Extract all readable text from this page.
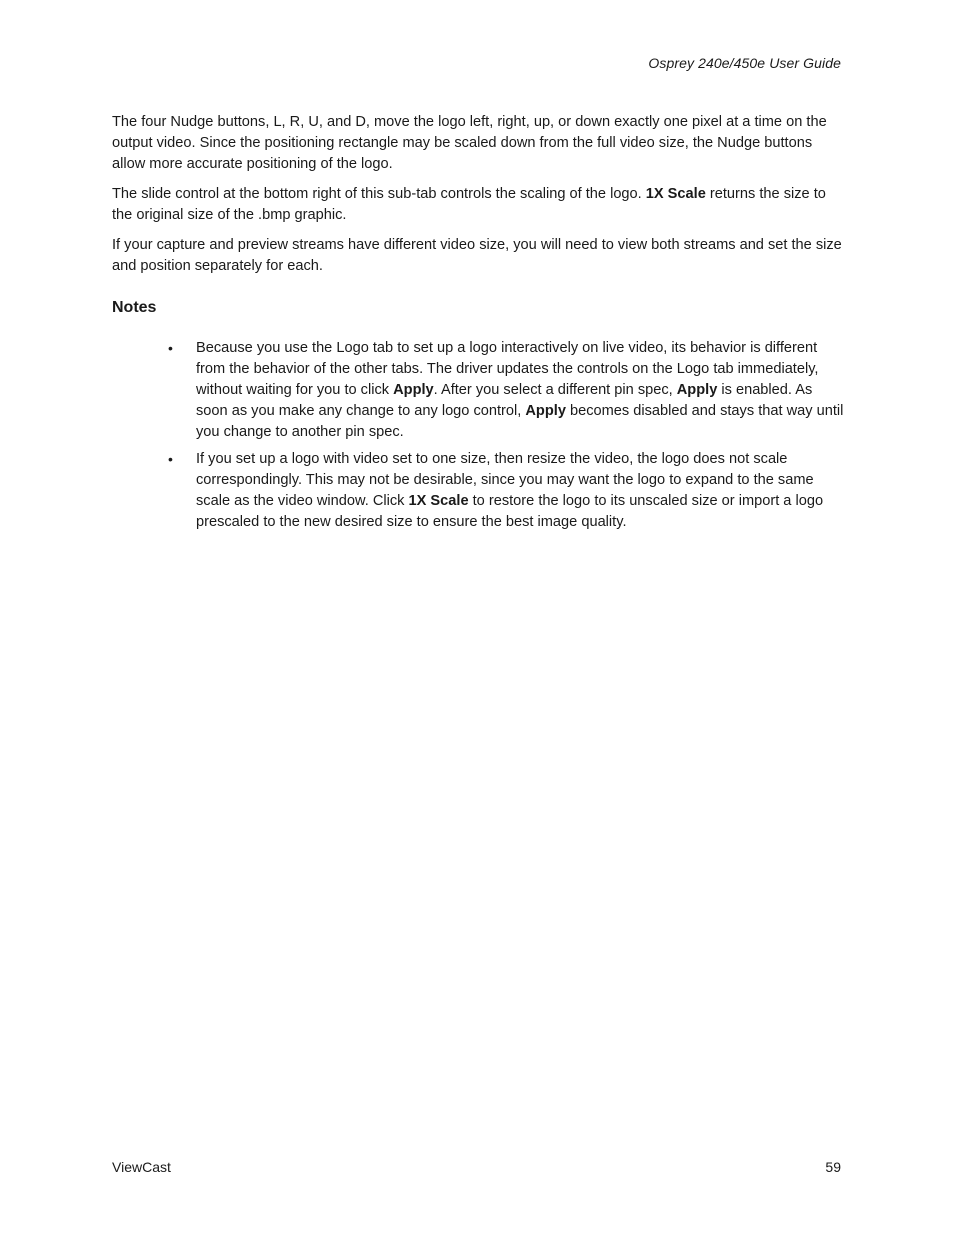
Osprey 240e/450e User Guide

The four Nudge buttons, L, R, U, and D, move the logo left, right, up, or down exactly one pixel at a time on the output video. Since the positioning rectangle may be scaled down from the full video size, the Nudge buttons allow more accurate positioning of the logo.

The slide control at the bottom right of this sub-tab controls the scaling of the logo. 1X Scale returns the size to the original size of the .bmp graphic.

If your capture and preview streams have different video size, you will need to view both streams and set the size and position separately for each.

Notes
• Because you use the Logo tab to set up a logo interactively on live video, its behavior is different from the behavior of the other tabs. The driver updates the controls on the Logo tab immediately, without waiting for you to click Apply. After you select a different pin spec, Apply is enabled. As soon as you make any change to any logo control, Apply becomes disabled and stays that way until you change to another pin spec.
• If you set up a logo with video set to one size, then resize the video, the logo does not scale correspondingly. This may not be desirable, since you may want the logo to expand to the same scale as the video window. Click 1X Scale to restore the logo to its unscaled size or import a logo prescaled to the new desired size to ensure the best image quality.
ViewCast	59
